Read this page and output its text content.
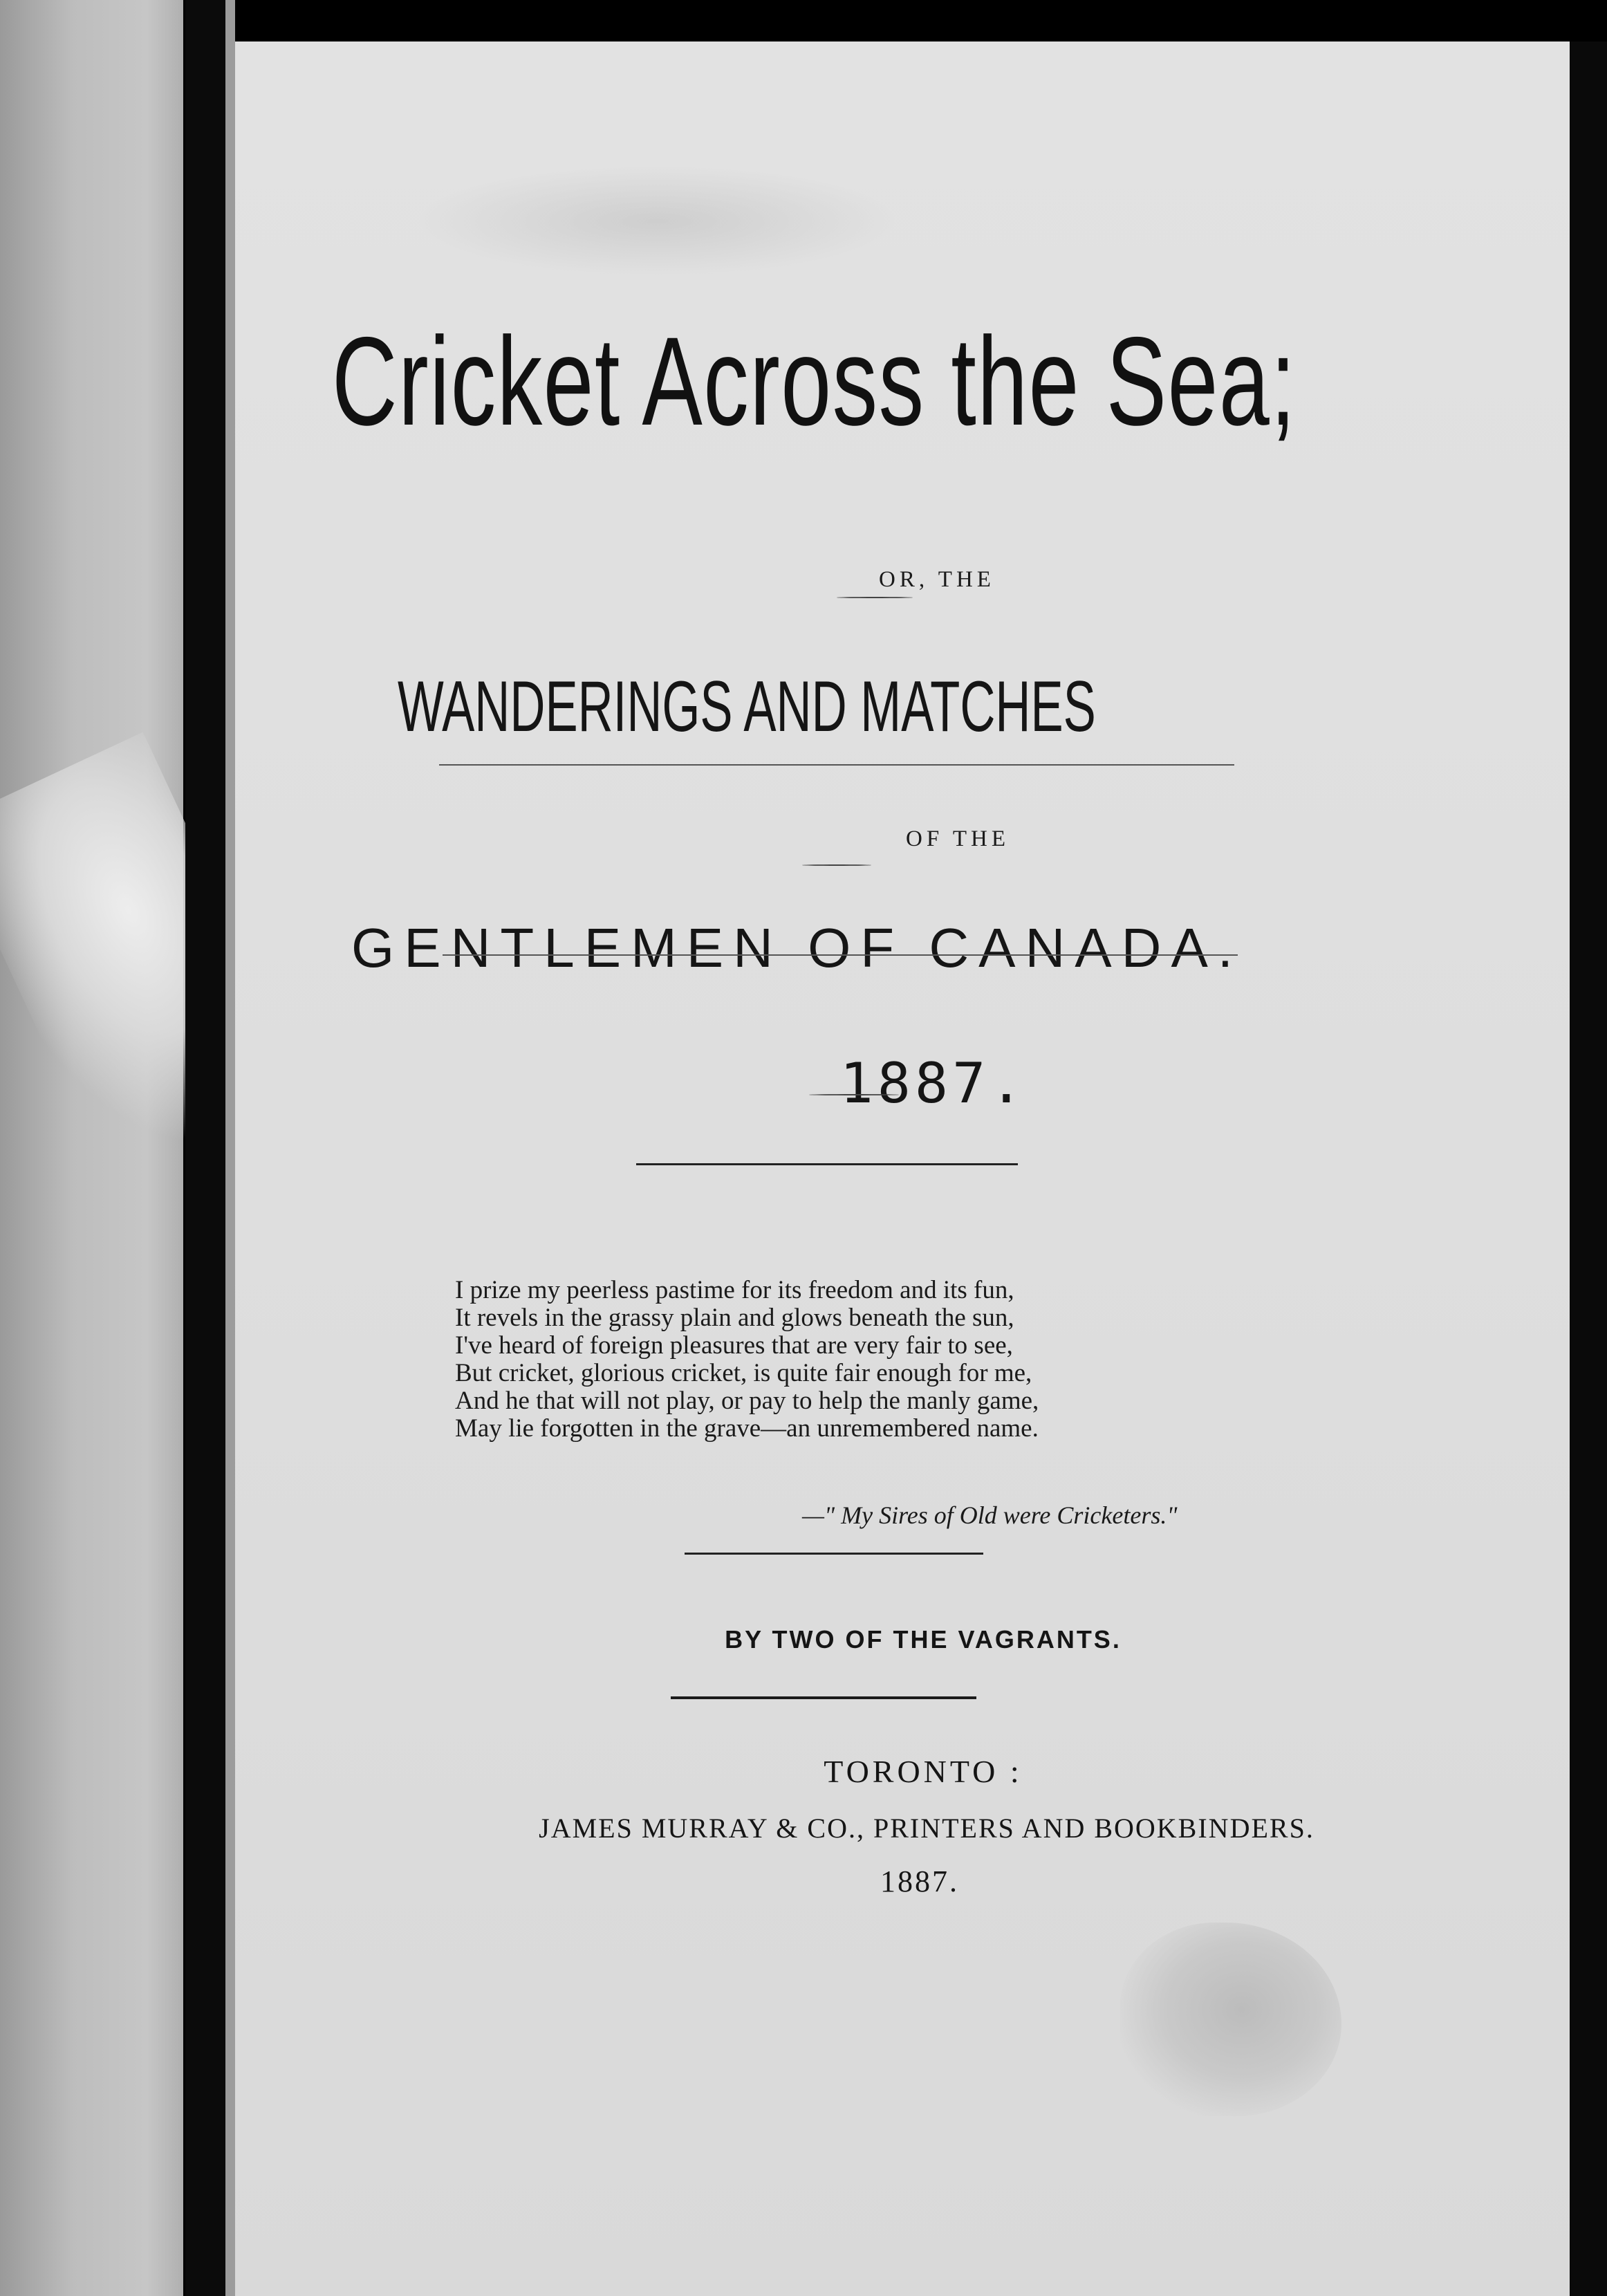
Cricket Across the Sea;
OR, THE
WANDERINGS AND MATCHES
OF THE
GENTLEMEN OF CANADA.
1887.
I prize my peerless pastime for its freedom and its fun,
It revels in the grassy plain and glows beneath the sun,
I've heard of foreign pleasures that are very fair to see,
But cricket, glorious cricket, is quite fair enough for me,
And he that will not play, or pay to help the manly game,
May lie forgotten in the grave—an unremembered name.
—" My Sires of Old were Cricketers."
BY TWO OF THE VAGRANTS.
TORONTO :
JAMES MURRAY & CO., PRINTERS AND BOOKBINDERS.
1887.
